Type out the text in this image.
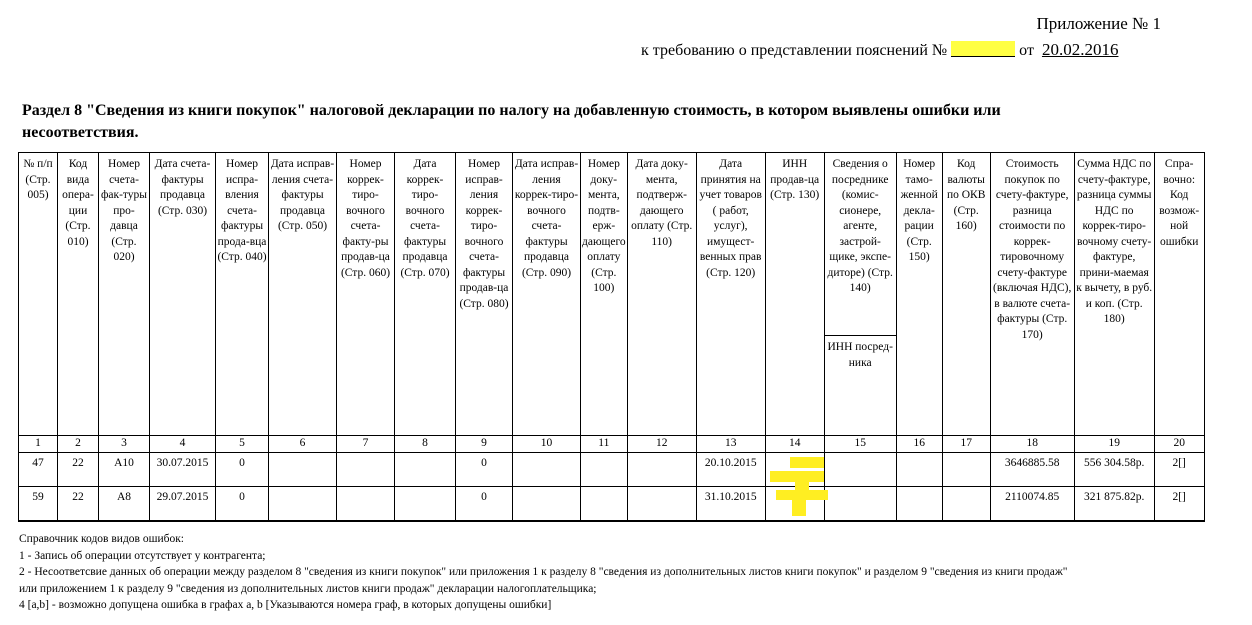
Приложение № 1
к требованию о представлении пояснений №	от 20.02.2016
Раздел 8 "Сведения из книги покупок" налоговой декларации по налогу на добавленную стоимость, в котором выявлены ошибки или несоответствия.
№ п/п (Стр. 005)	Код вида опера-ции (Стр. 010)	Номер счета-фак-туры про-давца (Стр. 020)	Дата счета-фактуры продавца (Стр. 030)	Номер испра-вления счета-фактуры прода-вца (Стр. 040)	Дата исправ-ления счета-фактуры продавца (Стр. 050)	Номер коррек-тиро-вочного счета-факту-ры продав-ца (Стр. 060)	Дата коррек-тиро-вочного счета-фактуры продавца (Стр. 070)	Номер исправ-ления коррек-тиро-вочного счета-фактуры продав-ца (Стр. 080)	Дата исправ-ления коррек-тиро-вочного счета-фактуры продавца (Стр. 090)	Номер доку-мента, подтв-ерж-дающего оплату (Стр. 100)	Дата доку-мента, подтверж-дающего оплату (Стр. 110)	Дата принятия на учет товаров ( работ, услуг), имущест-венных прав (Стр. 120)	ИНН продав-ца (Стр. 130)	Сведения о посреднике (комис-сионере, агенте, застрой-щике, экспе-диторе) (Стр. 140)	Номер тамо-женной декла-рации (Стр. 150)	Код валюты по ОКВ (Стр. 160)	Стоимость покупок по счету-фактуре, разница стоимости по коррек-тировочному счету-фактуре (включая НДС), в валюте счета-фактуры (Стр. 170)	Сумма НДС по счету-фактуре, разница суммы НДС по коррек-тиро-вочному счету-фактуре, прини-маемая к вычету, в руб. и коп. (Стр. 180)	Спра-вочно: Код возмож-ной ошибки
														ИНН посред-ника					
1	2	3	4	5	6	7	8	9	10	11	12	13	14	15	16	17	18	19	20
47	22	A10	30.07.2015	0				0				20.10.2015					3646885.58	556 304.58р.	2[]
59	22	A8	29.07.2015	0				0				31.10.2015					2110074.85	321 875.82р.	2[]
Справочник кодов видов ошибок:
1 - Запись об операции отсутствует у контрагента;
2 - Несоответсвие данных об операции между разделом 8 "сведения из книги покупок" или приложения 1 к разделу 8 "сведения из дополнительных листов книги покупок" и разделом 9 "сведения из книги продаж" или приложением 1 к разделу 9 "сведения из дополнительных листов книги продаж" декларации налогоплательщика;
4 [a,b] - возможно допущена ошибка в графах a, b [Указываются номера граф, в которых допущены ошибки]
